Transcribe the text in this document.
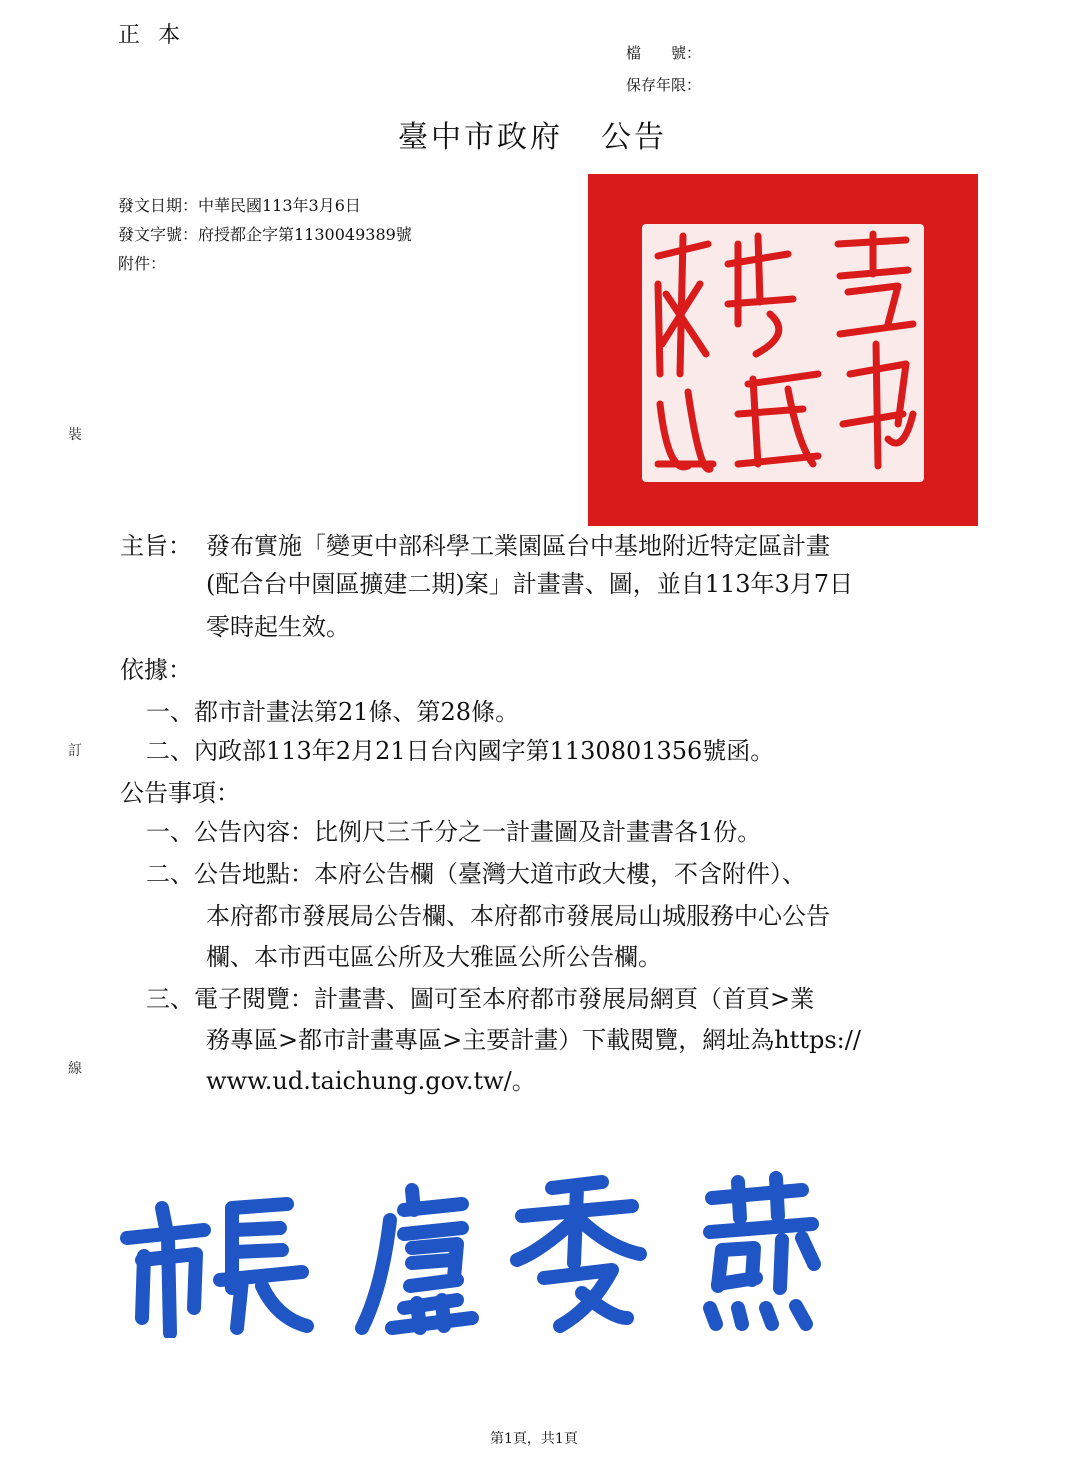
正本
檔　　號：
保存年限：
臺中市政府 公告
發文日期：中華民國113年3月6日
發文字號：府授都企字第1130049389號
附件：
裝
訂
線
主旨： 發布實施「變更中部科學工業園區台中基地附近特定區計畫
(配合台中園區擴建二期)案」計畫書、圖，並自113年3月7日
零時起生效。
依據：
一、都市計畫法第21條、第28條。
二、內政部113年2月21日台內國字第1130801356號函。
公告事項：
一、公告內容：比例尺三千分之一計畫圖及計畫書各1份。
二、公告地點：本府公告欄（臺灣大道市政大樓，不含附件）、
本府都市發展局公告欄、本府都市發展局山城服務中心公告
欄、本市西屯區公所及大雅區公所公告欄。
三、電子閱覽：計畫書、圖可至本府都市發展局網頁（首頁>業
務專區>都市計畫專區>主要計畫）下載閱覽，網址為https://
www.ud.taichung.gov.tw/。
第1頁，共1頁
